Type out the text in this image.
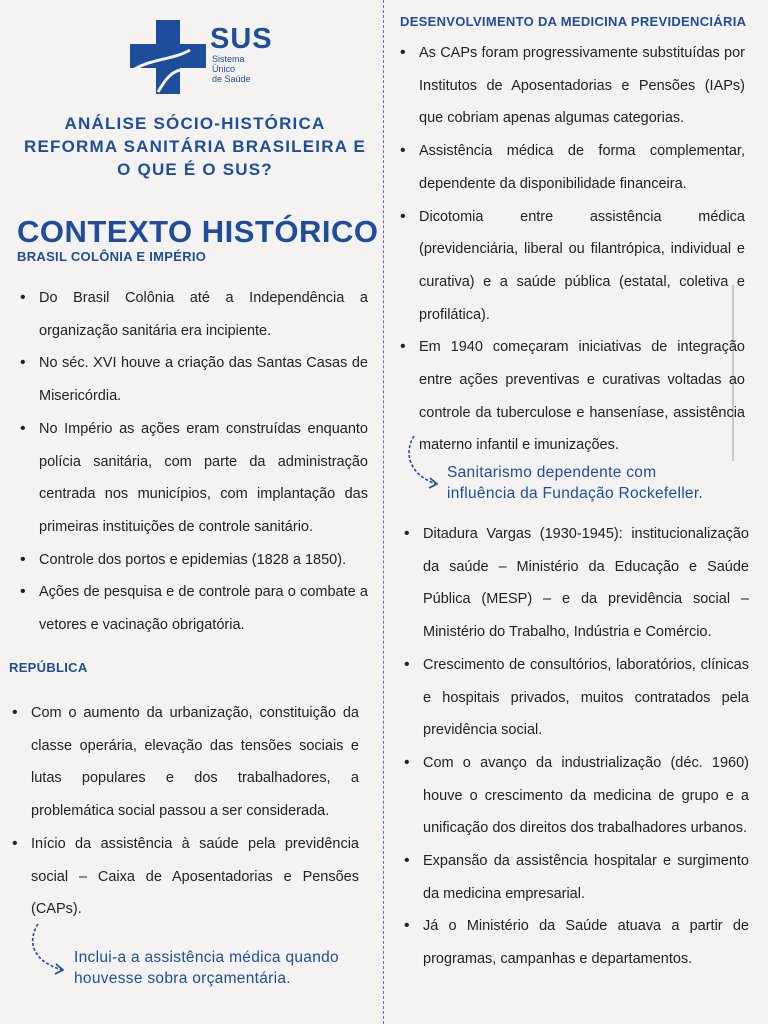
SUS
Sistema
Único
de Saúde
ANÁLISE SÓCIO-HISTÓRICA
REFORMA SANITÁRIA BRASILEIRA E
O QUE É O SUS?
CONTEXTO HISTÓRICO
BRASIL COLÔNIA E IMPÉRIO
• Do Brasil Colônia até a Independência a organização sanitária era incipiente.
• No séc. XVI houve a criação das Santas Casas de Misericórdia.
• No Império as ações eram construídas enquanto polícia sanitária, com parte da administração centrada nos municípios, com implantação das primeiras instituições de controle sanitário.
• Controle dos portos e epidemias (1828 a 1850).
• Ações de pesquisa e de controle para o combate a vetores e vacinação obrigatória.
REPÚBLICA
• Com o aumento da urbanização, constituição da classe operária, elevação das tensões sociais e lutas populares e dos trabalhadores, a problemática social passou a ser considerada.
• Início da assistência à saúde pela previdência social – Caixa de Aposentadorias e Pensões (CAPs).
Inclui-a a assistência médica quando
houvesse sobra orçamentária.
DESENVOLVIMENTO DA MEDICINA PREVIDENCIÁRIA
• As CAPs foram progressivamente substituídas por Institutos de Aposentadorias e Pensões (IAPs) que cobriam apenas algumas categorias.
• Assistência médica de forma complementar, dependente da disponibilidade financeira.
• Dicotomia entre assistência médica (previdenciária, liberal ou filantrópica, individual e curativa) e a saúde pública (estatal, coletiva e profilática).
• Em 1940 começaram iniciativas de integração entre ações preventivas e curativas voltadas ao controle da tuberculose e hanseníase, assistência materno infantil e imunizações.
Sanitarismo dependente com
influência da Fundação Rockefeller.
• Ditadura Vargas (1930-1945): institucionalização da saúde – Ministério da Educação e Saúde Pública (MESP) – e da previdência social – Ministério do Trabalho, Indústria e Comércio.
• Crescimento de consultórios, laboratórios, clínicas e hospitais privados, muitos contratados pela previdência social.
• Com o avanço da industrialização (déc. 1960) houve o crescimento da medicina de grupo e a unificação dos direitos dos trabalhadores urbanos.
• Expansão da assistência hospitalar e surgimento da medicina empresarial.
• Já o Ministério da Saúde atuava a partir de programas, campanhas e departamentos.
